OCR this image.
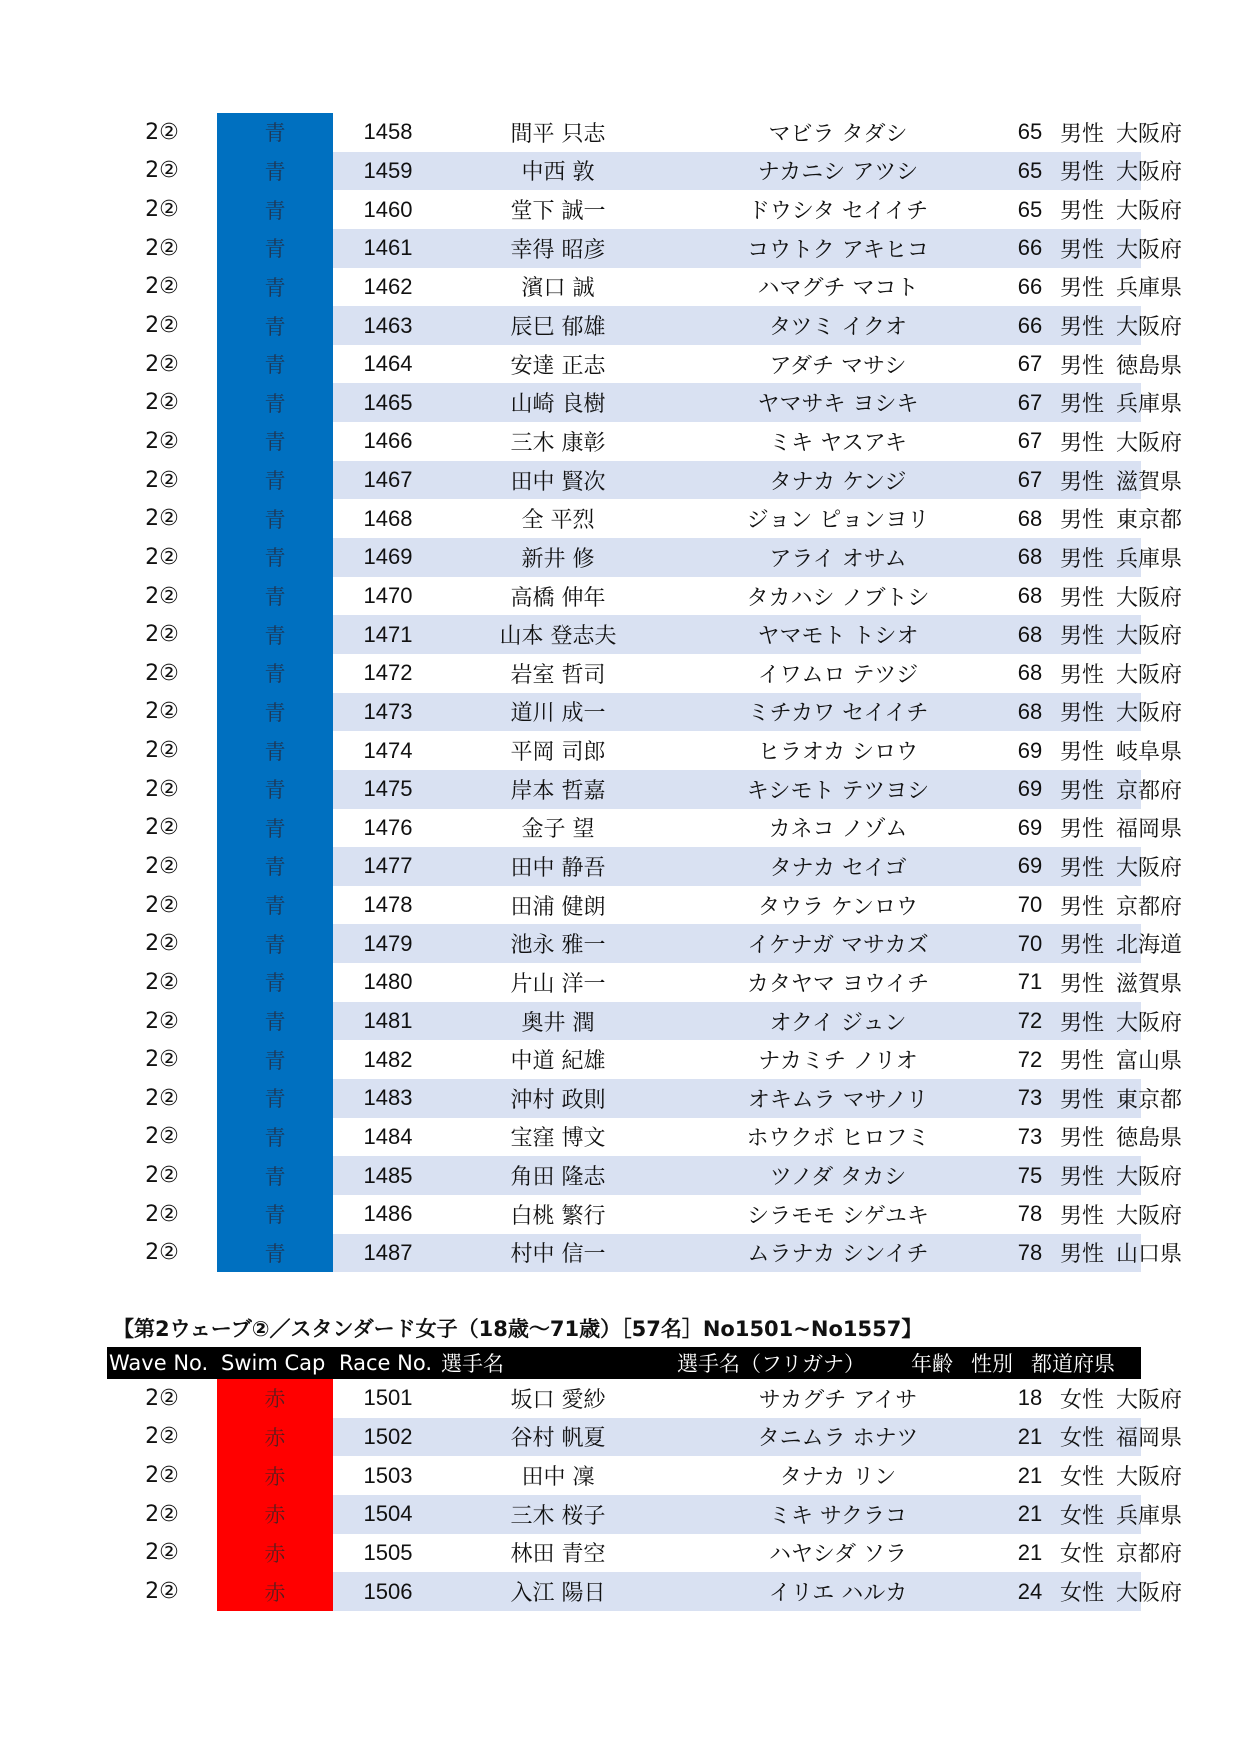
2②	青	1458	間平 只志	マビラ タダシ	65 男性 大阪府
2②	青	1459	中西 敦	ナカニシ アツシ	65 男性 大阪府
2②	青	1460	堂下 誠一	ドウシタ セイイチ	65 男性 大阪府
2②	青	1461	幸得 昭彦	コウトク アキヒコ	66 男性 大阪府
2②	青	1462	濱口 誠	ハマグチ マコト	66 男性 兵庫県
2②	青	1463	辰巳 郁雄	タツミ イクオ	66 男性 大阪府
2②	青	1464	安達 正志	アダチ マサシ	67 男性 徳島県
2②	青	1465	山崎 良樹	ヤマサキ ヨシキ	67 男性 兵庫県
2②	青	1466	三木 康彰	ミキ ヤスアキ	67 男性 大阪府
2②	青	1467	田中 賢次	タナカ ケンジ	67 男性 滋賀県
2②	青	1468	全 平烈	ジョン ピョンヨリ	68 男性 東京都
2②	青	1469	新井 修	アライ オサム	68 男性 兵庫県
2②	青	1470	高橋 伸年	タカハシ ノブトシ	68 男性 大阪府
2②	青	1471	山本 登志夫	ヤマモト トシオ	68 男性 大阪府
2②	青	1472	岩室 哲司	イワムロ テツジ	68 男性 大阪府
2②	青	1473	道川 成一	ミチカワ セイイチ	68 男性 大阪府
2②	青	1474	平岡 司郎	ヒラオカ シロウ	69 男性 岐阜県
2②	青	1475	岸本 哲嘉	キシモト テツヨシ	69 男性 京都府
2②	青	1476	金子 望	カネコ ノゾム	69 男性 福岡県
2②	青	1477	田中 静吾	タナカ セイゴ	69 男性 大阪府
2②	青	1478	田浦 健朗	タウラ ケンロウ	70 男性 京都府
2②	青	1479	池永 雅一	イケナガ マサカズ	70 男性 北海道
2②	青	1480	片山 洋一	カタヤマ ヨウイチ	71 男性 滋賀県
2②	青	1481	奥井 潤	オクイ ジュン	72 男性 大阪府
2②	青	1482	中道 紀雄	ナカミチ ノリオ	72 男性 富山県
2②	青	1483	沖村 政則	オキムラ マサノリ	73 男性 東京都
2②	青	1484	宝窪 博文	ホウクボ ヒロフミ	73 男性 徳島県
2②	青	1485	角田 隆志	ツノダ タカシ	75 男性 大阪府
2②	青	1486	白桃 繁行	シラモモ シゲユキ	78 男性 大阪府
2②	青	1487	村中 信一	ムラナカ シンイチ	78 男性 山口県
【第2ウェーブ②／スタンダード女子（18歳〜71歳）［57名］No1501~No1557】
Wave No. Swim Cap Race No. 選手名	選手名（フリガナ） 年齢 性別 都道府県
2②	赤	1501	坂口 愛紗	サカグチ アイサ	18 女性 大阪府
2②	赤	1502	谷村 帆夏	タニムラ ホナツ	21 女性 福岡県
2②	赤	1503	田中 凜	タナカ リン	21 女性 大阪府
2②	赤	1504	三木 桜子	ミキ サクラコ	21 女性 兵庫県
2②	赤	1505	林田 青空	ハヤシダ ソラ	21 女性 京都府
2②	赤	1506	入江 陽日	イリエ ハルカ	24 女性 大阪府
